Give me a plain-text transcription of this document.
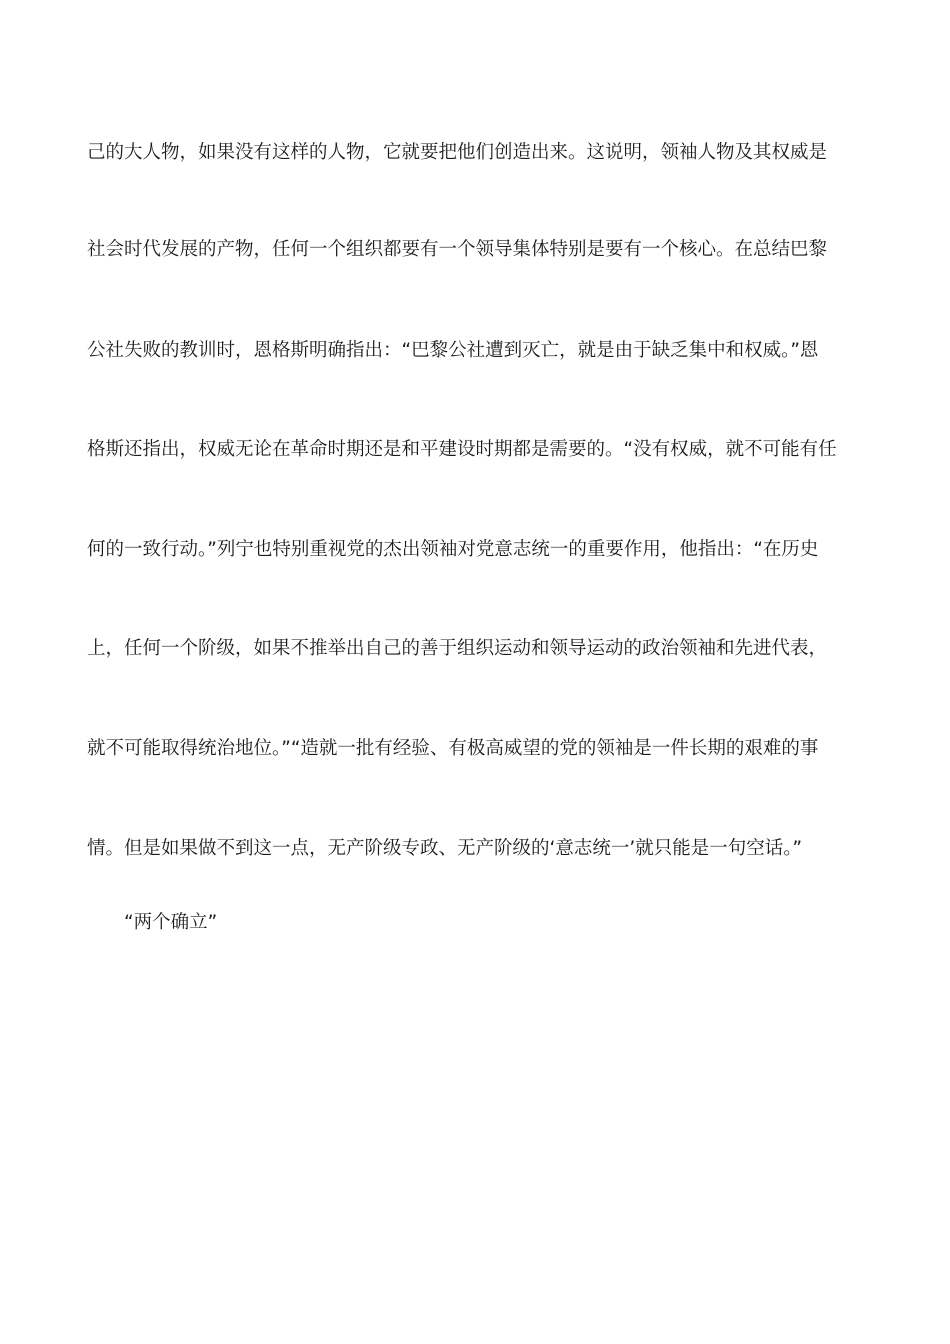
己的大人物，如果没有这样的人物，它就要把他们创造出来。这说明，领袖人物及其权威是

社会时代发展的产物，任何一个组织都要有一个领导集体特别是要有一个核心。在总结巴黎

公社失败的教训时，恩格斯明确指出：“巴黎公社遭到灭亡，就是由于缺乏集中和权威。”恩

格斯还指出，权威无论在革命时期还是和平建设时期都是需要的。“没有权威，就不可能有任

何的一致行动。”列宁也特别重视党的杰出领袖对党意志统一的重要作用，他指出：“在历史

上，任何一个阶级，如果不推举出自己的善于组织运动和领导运动的政治领袖和先进代表，

就不可能取得统治地位。”“造就一批有经验、有极高威望的党的领袖是一件长期的艰难的事

情。但是如果做不到这一点，无产阶级专政、无产阶级的‘意志统一’就只能是一句空话。”

“两个确立”
